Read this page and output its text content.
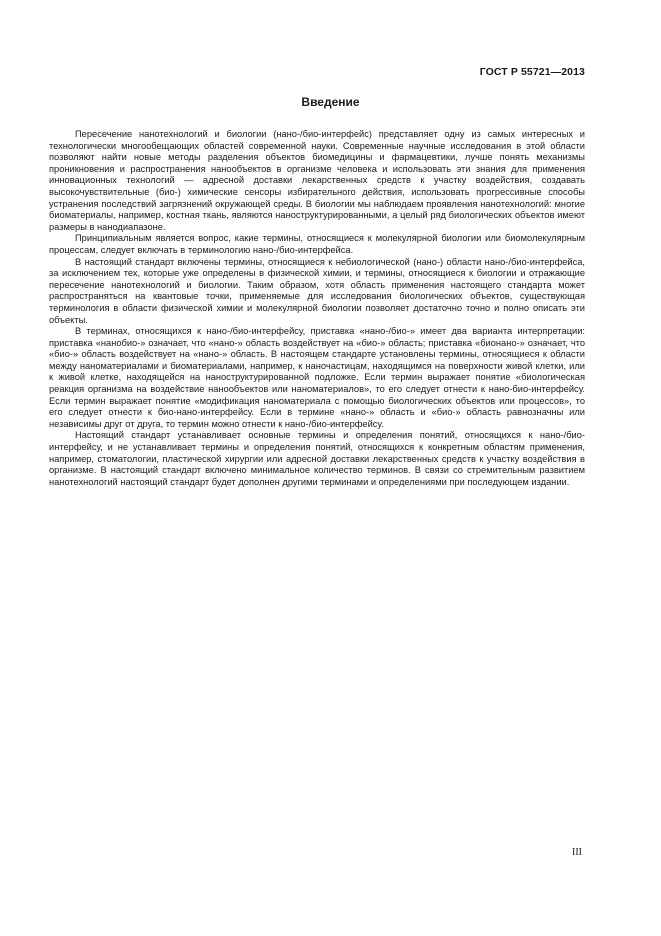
ГОСТ Р 55721—2013
Введение

Пересечение нанотехнологий и биологии (нано-/био-интерфейс) представляет одну из самых интересных и технологически многообещающих областей современной науки. Современные научные исследования в этой области позволяют найти новые методы разделения объектов биомедицины и фармацевтики, лучше понять механизмы проникновения и распространения нанообъектов в организме человека и использовать эти знания для применения инновационных технологий — адресной доставки лекарственных средств к участку воздействия, создавать высокочувствительные (био-) химические сенсоры избирательного действия, использовать прогрессивные способы устранения последствий загрязнений окружающей среды. В биологии мы наблюдаем проявления нанотехнологий: многие биоматериалы, например, костная ткань, являются наноструктурированными, а целый ряд биологических объектов имеют размеры в нанодиапазоне.

Принципиальным является вопрос, какие термины, относящиеся к молекулярной биологии или биомолекулярным процессам, следует включать в терминологию нано-/био-интерфейса.

В настоящий стандарт включены термины, относящиеся к небиологической (нано-) области нано-/био-интерфейса, за исключением тех, которые уже определены в физической химии, и термины, относящиеся к биологии и отражающие пересечение нанотехнологий и биологии. Таким образом, хотя область применения настоящего стандарта может распространяться на квантовые точки, применяемые для исследования биологических объектов, существующая терминология в области физической химии и молекулярной биологии позволяет достаточно точно и полно описать эти объекты.

В терминах, относящихся к нано-/био-интерфейсу, приставка «нано-/био-» имеет два варианта интерпретации: приставка «нанобио-» означает, что «нано-» область воздействует на «био-» область; приставка «бионано-» означает, что «био-» область воздействует на «нано-» область. В настоящем стандарте установлены термины, относящиеся к области между наноматериалами и биоматериалами, например, к наночастицам, находящимся на поверхности живой клетки, или к живой клетке, находящейся на наноструктурированной подложке. Если термин выражает понятие «биологическая реакция организма на воздействие нанообъектов или наноматериалов», то его следует отнести к нано-био-интерфейсу. Если термин выражает понятие «модификация наноматериала с помощью биологических объектов или процессов», то его следует отнести к био-нано-интерфейсу. Если в термине «нано-» область и «био-» область равнозначны или независимы друг от друга, то термин можно отнести к нано-/био-интерфейсу.

Настоящий стандарт устанавливает основные термины и определения понятий, относящихся к нано-/био-интерфейсу, и не устанавливает термины и определения понятий, относящихся к конкретным областям применения, например, стоматологии, пластической хирургии или адресной доставки лекарственных средств к участку воздействия в организме. В настоящий стандарт включено минимальное количество терминов. В связи со стремительным развитием нанотехнологий настоящий стандарт будет дополнен другими терминами и определениями при последующем издании.

III
